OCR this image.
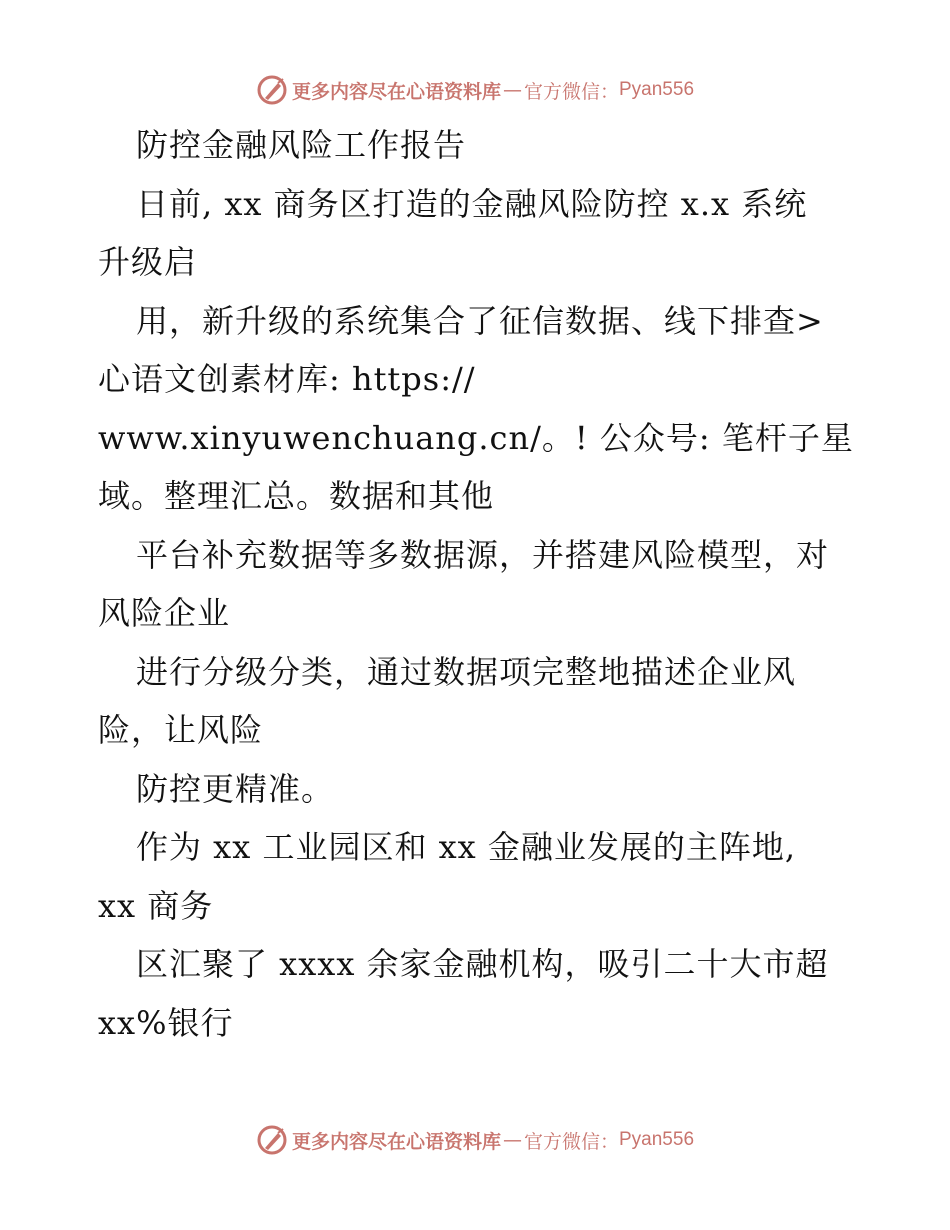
更多内容尽在心语资料库 — 官方微信： Pyan556
防控金融风险工作报告
日前, xx 商务区打造的金融风险防控 x.x 系统
升级启
用，新升级的系统集合了征信数据、线下排查>
心语文创素材库: https://
www.xinyuwenchuang.cn/。! 公众号: 笔杆子星
域。整理汇总。数据和其他
平台补充数据等多数据源，并搭建风险模型，对
风险企业
进行分级分类，通过数据项完整地描述企业风
险，让风险
防控更精准。
作为 xx 工业园区和 xx 金融业发展的主阵地,
xx 商务
区汇聚了 xxxx 余家金融机构，吸引二十大市超
xx%银行
更多内容尽在心语资料库 — 官方微信： Pyan556
